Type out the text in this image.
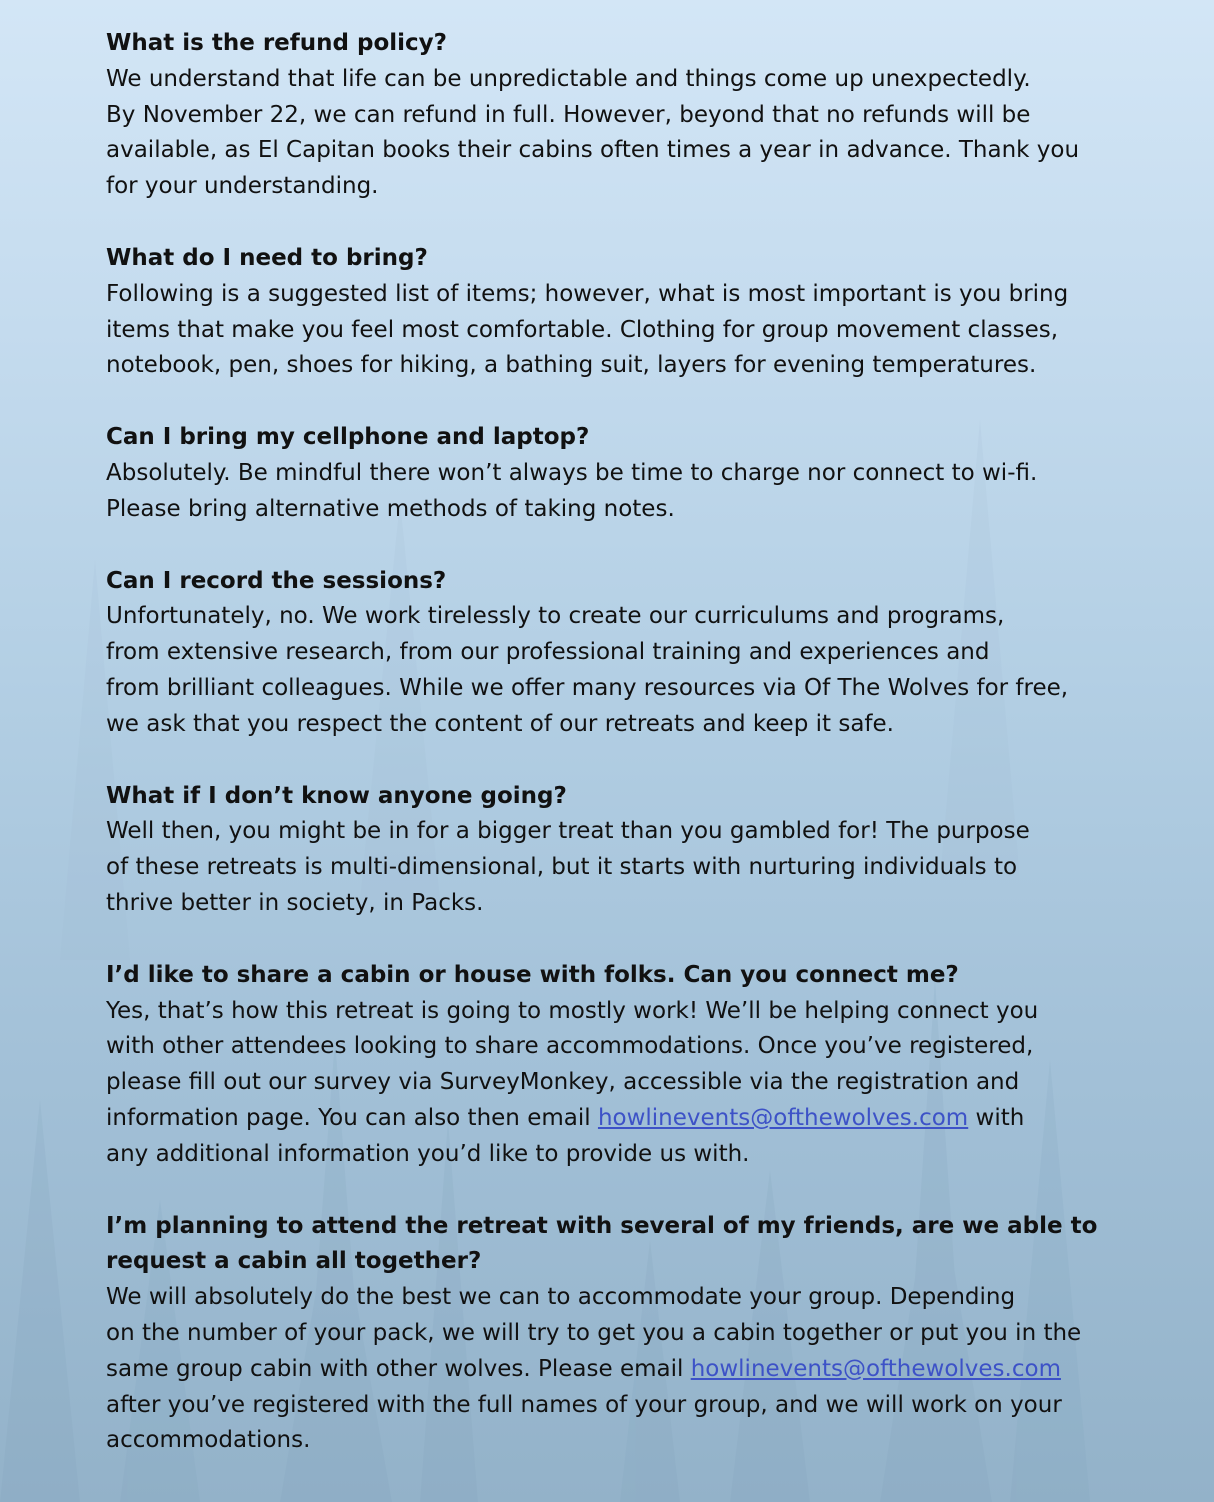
What is the refund policy?

We understand that life can be unpredictable and things come up unexpectedly.
By November 22, we can refund in full. However, beyond that no refunds will be
available, as El Capitan books their cabins often times a year in advance. Thank you
for your understanding.

What do I need to bring?

Following is a suggested list of items; however, what is most important is you bring
items that make you feel most comfortable. Clothing for group movement classes,
notebook, pen, shoes for hiking, a bathing suit, layers for evening temperatures.

Can I bring my cellphone and laptop?

Absolutely. Be mindful there won’t always be time to charge nor connect to wi-fi.
Please bring alternative methods of taking notes.

Can I record the sessions?

Unfortunately, no. We work tirelessly to create our curriculums and programs,
from extensive research, from our professional training and experiences and
from brilliant colleagues. While we offer many resources via Of The Wolves for free,
we ask that you respect the content of our retreats and keep it safe.

What if I don’t know anyone going?

Well then, you might be in for a bigger treat than you gambled for! The purpose
of these retreats is multi-dimensional, but it starts with nurturing individuals to
thrive better in society, in Packs.

I’d like to share a cabin or house with folks. Can you connect me?

Yes, that’s how this retreat is going to mostly work! We’ll be helping connect you
with other attendees looking to share accommodations. Once you’ve registered,
please fill out our survey via SurveyMonkey, accessible via the registration and
information page. You can also then email howlinevents@ofthewolves.com with
any additional information you’d like to provide us with.

I’m planning to attend the retreat with several of my friends, are we able to
request a cabin all together?

We will absolutely do the best we can to accommodate your group. Depending
on the number of your pack, we will try to get you a cabin together or put you in the
same group cabin with other wolves. Please email howlinevents@ofthewolves.com
after you’ve registered with the full names of your group, and we will work on your
accommodations.
